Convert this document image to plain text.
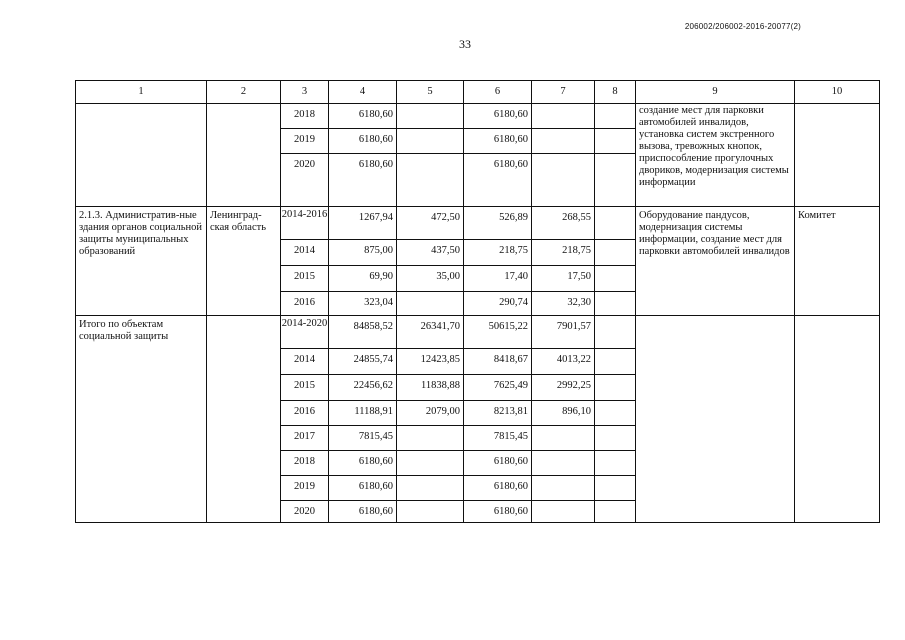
206002/206002-2016-20077(2)
33
1	2	3	4	5	6	7	8	9	10
		2018	6180,60		6180,60			создание мест для парковки автомобилей инвалидов, установка систем экстренного вызова, тревожных кнопок, приспособление прогулочных двориков, модернизация системы информации	
		2019	6180,60		6180,60				
		2020	6180,60		6180,60				
2.1.3. Административ-ные здания органов социальной защиты муниципальных образований	Ленинград-ская область	2014-2016	1267,94	472,50	526,89	268,55		Оборудование пандусов, модернизация системы информации, создание мест для парковки автомобилей инвалидов	Комитет
		2014	875,00	437,50	218,75	218,75			
		2015	69,90	35,00	17,40	17,50			
		2016	323,04		290,74	32,30			
Итого по объектам социальной защиты		2014-2020	84858,52	26341,70	50615,22	7901,57			
		2014	24855,74	12423,85	8418,67	4013,22			
		2015	22456,62	11838,88	7625,49	2992,25			
		2016	11188,91	2079,00	8213,81	896,10			
		2017	7815,45		7815,45				
		2018	6180,60		6180,60				
		2019	6180,60		6180,60				
		2020	6180,60		6180,60				
